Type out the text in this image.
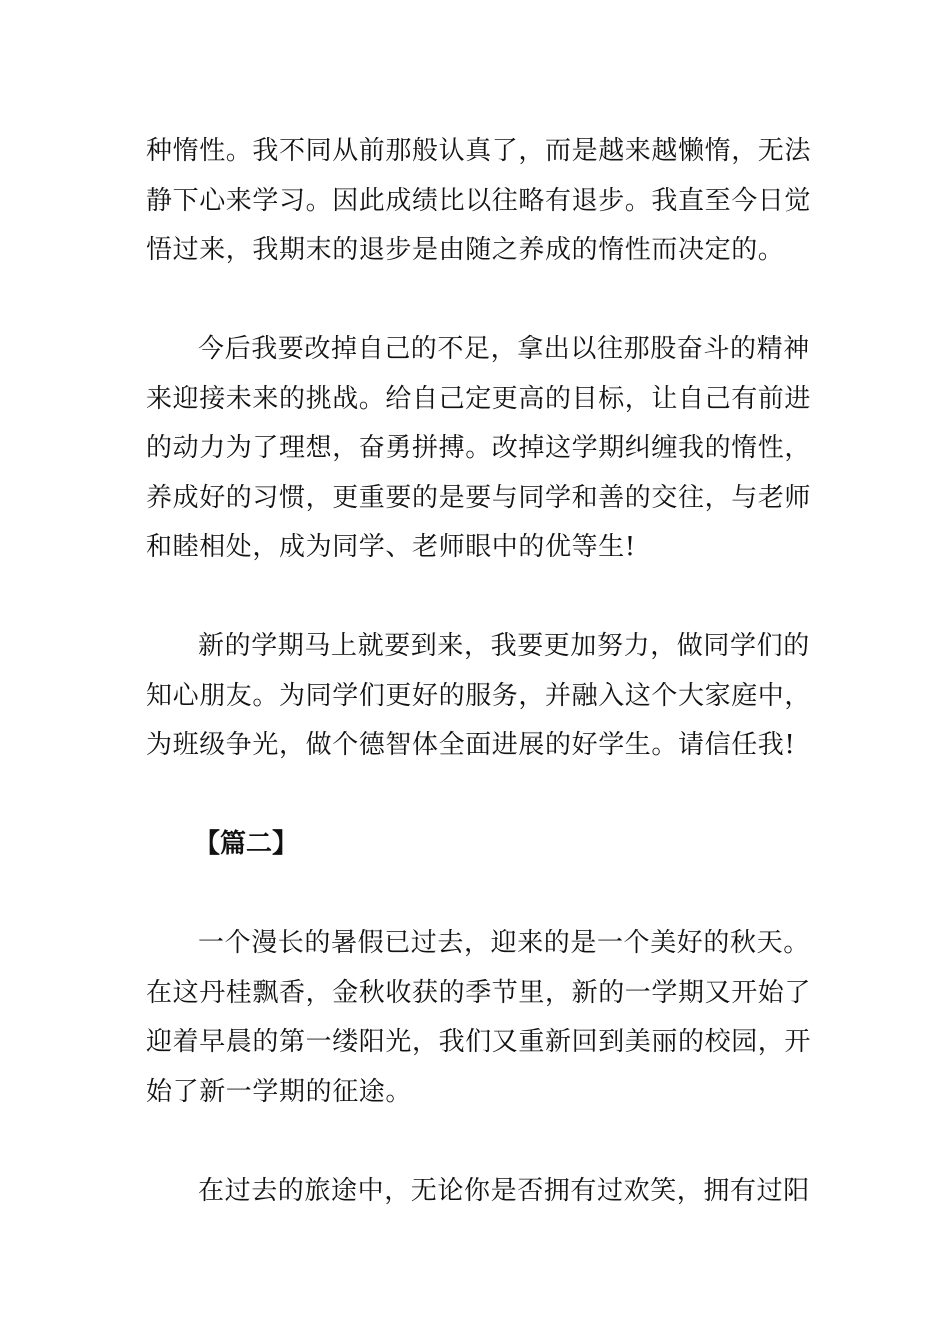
种惰性。我不同从前那般认真了，而是越来越懒惰，无法
静下心来学习。因此成绩比以往略有退步。我直至今日觉
悟过来，我期末的退步是由随之养成的惰性而决定的。

今后我要改掉自己的不足，拿出以往那股奋斗的精神
来迎接未来的挑战。给自己定更高的目标，让自己有前进
的动力为了理想，奋勇拼搏。改掉这学期纠缠我的惰性，
养成好的习惯，更重要的是要与同学和善的交往，与老师
和睦相处，成为同学、老师眼中的优等生!

新的学期马上就要到来，我要更加努力，做同学们的
知心朋友。为同学们更好的服务，并融入这个大家庭中，
为班级争光，做个德智体全面进展的好学生。请信任我!

【篇二】

一个漫长的暑假已过去，迎来的是一个美好的秋天。
在这丹桂飘香，金秋收获的季节里，新的一学期又开始了
迎着早晨的第一缕阳光，我们又重新回到美丽的校园，开
始了新一学期的征途。

在过去的旅途中，无论你是否拥有过欢笑，拥有过阳
